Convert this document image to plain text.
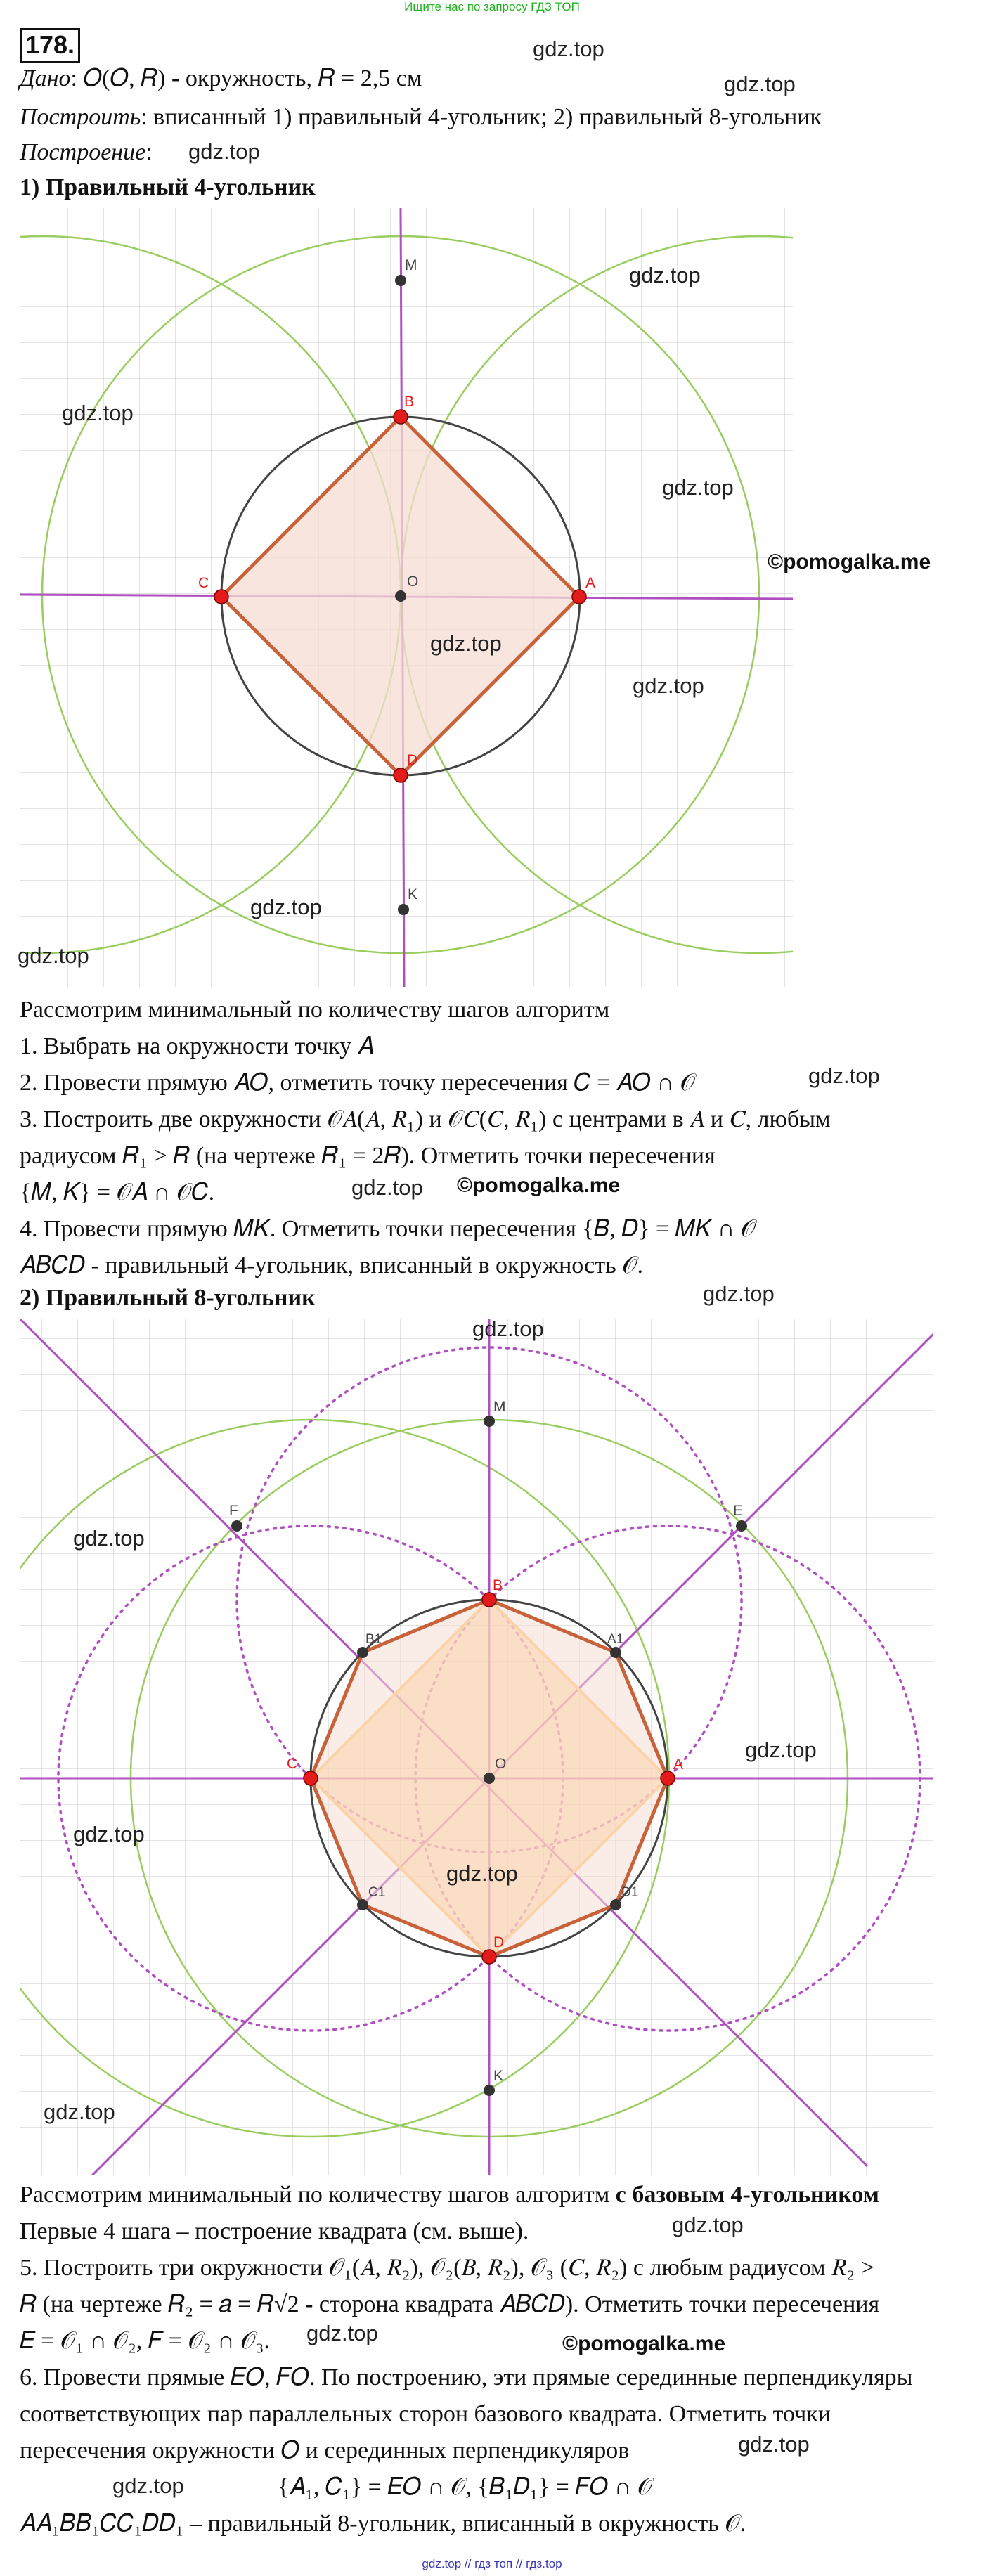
Ищите нас по запросу ГДЗ ТОП
178.
Дано: 𝑂(𝑂, 𝑅) - окружность, 𝑅 = 2,5 см
Построить: вписанный 1) правильный 4-угольник; 2) правильный 8-угольник
Построение:
1) Правильный 4-угольник
M
B
C	O	A
D
K
Рассмотрим минимальный по количеству шагов алгоритм
1. Выбрать на окружности точку 𝐴
2. Провести прямую 𝐴𝑂, отметить точку пересечения 𝐶 = 𝐴𝑂 ∩ 𝒪
3. Построить две окружности 𝒪𝐴(𝐴, 𝑅₁) и 𝒪𝐶(𝐶, 𝑅₁) с центрами в 𝐴 и 𝐶, любым
радиусом 𝑅₁ > 𝑅 (на чертеже 𝑅₁ = 2𝑅). Отметить точки пересечения
{𝑀, 𝐾} = 𝒪𝐴 ∩ 𝒪𝐶.
4. Провести прямую 𝑀𝐾. Отметить точки пересечения {𝐵, 𝐷} = 𝑀𝐾 ∩ 𝒪
𝐴𝐵𝐶𝐷 - правильный 4-угольник, вписанный в окружность 𝒪.
2) Правильный 8-угольник
M
F	E
B
B1	A1
C	O	A
C1	D1
D
K
Рассмотрим минимальный по количеству шагов алгоритм с базовым 4-угольником
Первые 4 шага – построение квадрата (см. выше).
5. Построить три окружности 𝒪₁(𝐴, 𝑅₂), 𝒪₂(𝐵, 𝑅₂), 𝒪₃ (𝐶, 𝑅₂) с любым радиусом 𝑅₂ >
𝑅 (на чертеже 𝑅₂ = 𝑎 = 𝑅√2 - сторона квадрата 𝐴𝐵𝐶𝐷). Отметить точки пересечения
𝐸 = 𝒪₁ ∩ 𝒪₂, 𝐹 = 𝒪₂ ∩ 𝒪₃.
6. Провести прямые 𝐸𝑂, 𝐹𝑂. По построению, эти прямые серединные перпендикуляры
соответствующих пар параллельных сторон базового квадрата. Отметить точки
пересечения окружности 𝑂 и серединных перпендикуляров
{𝐴₁, 𝐶₁} = 𝐸𝑂 ∩ 𝒪, {𝐵₁𝐷₁} = 𝐹𝑂 ∩ 𝒪
𝐴𝐴₁𝐵𝐵₁𝐶𝐶₁𝐷𝐷₁ – правильный 8-угольник, вписанный в окружность 𝒪.
gdz.top
gdz.top
gdz.top
gdz.top
gdz.top
gdz.top
©pomogalka.me
gdz.top
gdz.top
gdz.top
gdz.top
gdz.top
gdz.top ©pomogalka.me
gdz.top
gdz.top
gdz.top
gdz.top
gdz.top
gdz.top
gdz.top
gdz.top
gdz.top	©pomogalka.me
gdz.top
gdz.top
gdz.top // гдз топ // гдз.top
